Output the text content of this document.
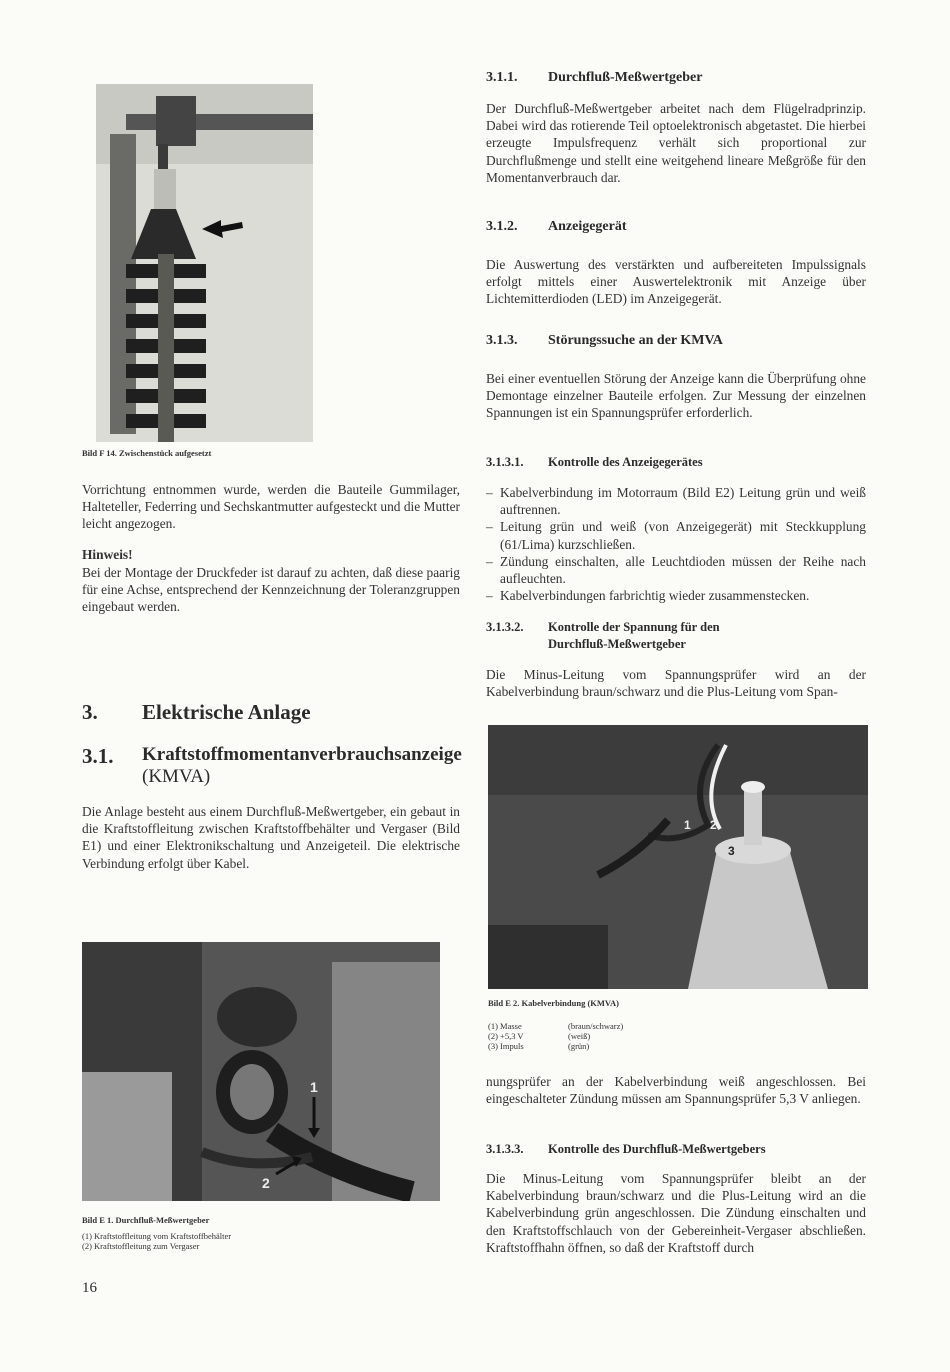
Bild F 14. Zwischenstück aufgesetzt
Vorrichtung entnommen wurde, werden die Bauteile Gummilager, Halteteller, Federring und Sechskantmutter aufgesteckt und die Mutter leicht angezogen.
Hinweis!
Bei der Montage der Druckfeder ist darauf zu achten, daß diese paarig für eine Achse, entsprechend der Kennzeichnung der Toleranzgruppen eingebaut werden.
3. Elektrische Anlage
3.1. Kraftstoffmomentanverbrauchsanzeige
(KMVA)
Die Anlage besteht aus einem Durchfluß-Meßwertgeber, ein gebaut in die Kraftstoffleitung zwischen Kraftstoffbehälter und Vergaser (Bild E1) und einer Elektronikschaltung und Anzeigeteil. Die elektrische Verbindung erfolgt über Kabel.
1
2
Bild E 1. Durchfluß-Meßwertgeber
(1) Kraftstoffleitung vom Kraftstoffbehälter
(2) Kraftstoffleitung zum Vergaser
16
3.1.1. Durchfluß-Meßwertgeber
Der Durchfluß-Meßwertgeber arbeitet nach dem Flügelradprinzip. Dabei wird das rotierende Teil optoelektronisch abgetastet. Die hierbei erzeugte Impulsfrequenz verhält sich proportional zur Durchflußmenge und stellt eine weitgehend lineare Meßgröße für den Momentanverbrauch dar.
3.1.2. Anzeigegerät
Die Auswertung des verstärkten und aufbereiteten Impulssignals erfolgt mittels einer Auswertelektronik mit Anzeige über Lichtemitterdioden (LED) im Anzeigegerät.
3.1.3. Störungssuche an der KMVA
Bei einer eventuellen Störung der Anzeige kann die Überprüfung ohne Demontage einzelner Bauteile erfolgen. Zur Messung der einzelnen Spannungen ist ein Spannungsprüfer erforderlich.
3.1.3.1. Kontrolle des Anzeigegerätes
– Kabelverbindung im Motorraum (Bild E2) Leitung grün und weiß auftrennen.
– Leitung grün und weiß (von Anzeigegerät) mit Steckkupplung (61/Lima) kurzschließen.
– Zündung einschalten, alle Leuchtdioden müssen der Reihe nach aufleuchten.
– Kabelverbindungen farbrichtig wieder zusammenstecken.
3.1.3.2. Kontrolle der Spannung für den
Durchfluß-Meßwertgeber
Die Minus-Leitung vom Spannungsprüfer wird an der Kabelverbindung braun/schwarz und die Plus-Leitung vom Span-
1 2
3
Bild E 2. Kabelverbindung (KMVA)
(1) Masse	(braun/schwarz)
(2) +5,3 V	(weiß)
(3) Impuls	(grün)
nungsprüfer an der Kabelverbindung weiß angeschlossen. Bei eingeschalteter Zündung müssen am Spannungsprüfer 5,3 V anliegen.
3.1.3.3. Kontrolle des Durchfluß-Meßwertgebers
Die Minus-Leitung vom Spannungsprüfer bleibt an der Kabelverbindung braun/schwarz und die Plus-Leitung wird an die Kabelverbindung grün angeschlossen. Die Zündung einschalten und den Kraftstoffschlauch von der Gebereinheit-Vergaser abschließen. Kraftstoffhahn öffnen, so daß der Kraftstoff durch
